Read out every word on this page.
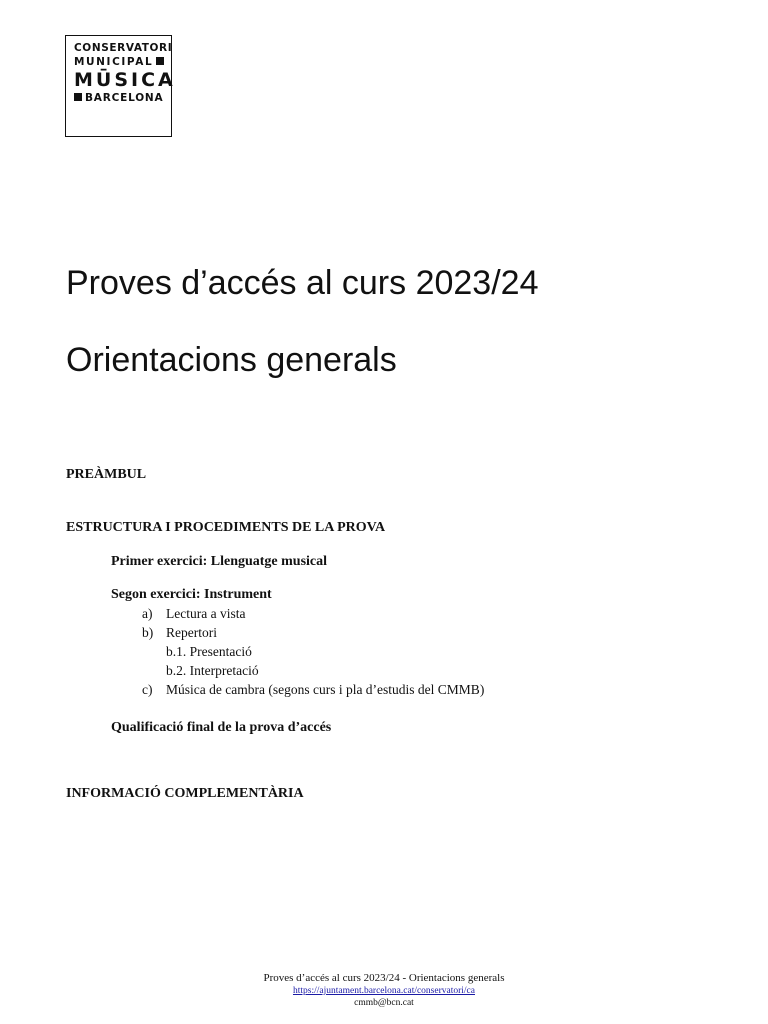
CONSERVATORI
MUNICIPAL
MŪSICA
BARCELONA
Proves d’accés al curs 2023/24
Orientacions generals
PREÀMBUL
ESTRUCTURA I PROCEDIMENTS DE LA PROVA
Primer exercici: Llenguatge musical
Segon exercici: Instrument
a) Lectura a vista
b) Repertori
b.1. Presentació
b.2. Interpretació
c) Música de cambra (segons curs i pla d’estudis del CMMB)
Qualificació final de la prova d’accés
INFORMACIÓ COMPLEMENTÀRIA
Proves d’accés al curs 2023/24 - Orientacions generals
https://ajuntament.barcelona.cat/conservatori/ca
cmmb@bcn.cat
